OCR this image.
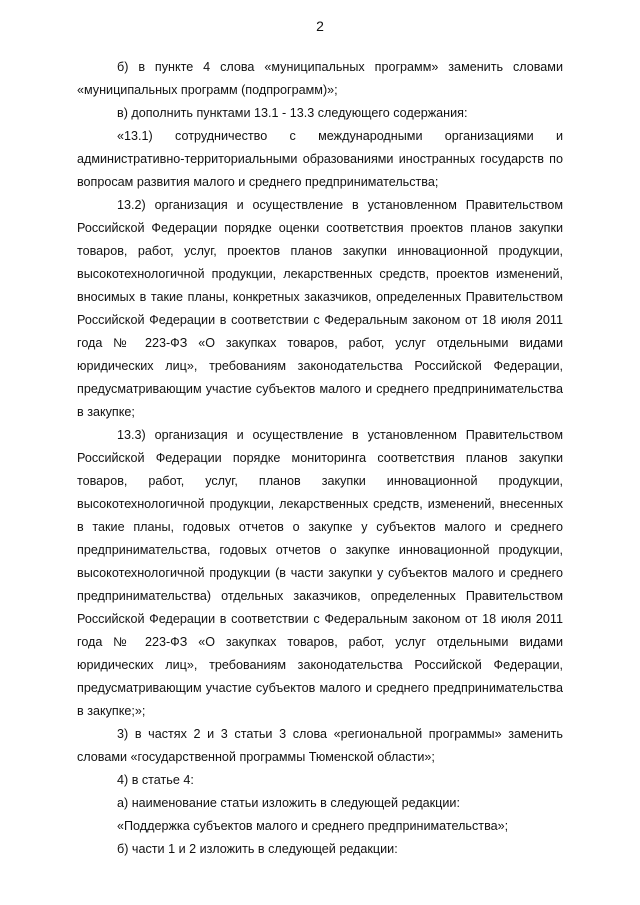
2

б) в пункте 4 слова «муниципальных программ» заменить словами «муниципальных программ (подпрограмм)»;

в) дополнить пунктами 13.1 - 13.3 следующего содержания:

«13.1) сотрудничество с международными организациями и административно-территориальными образованиями иностранных государств по вопросам развития малого и среднего предпринимательства;

13.2) организация и осуществление в установленном Правительством Российской Федерации порядке оценки соответствия проектов планов закупки товаров, работ, услуг, проектов планов закупки инновационной продукции, высокотехнологичной продукции, лекарственных средств, проектов изменений, вносимых в такие планы, конкретных заказчиков, определенных Правительством Российской Федерации в соответствии с Федеральным законом от 18 июля 2011 года № 223-ФЗ «О закупках товаров, работ, услуг отдельными видами юридических лиц», требованиям законодательства Российской Федерации, предусматривающим участие субъектов малого и среднего предпринимательства в закупке;

13.3) организация и осуществление в установленном Правительством Российской Федерации порядке мониторинга соответствия планов закупки товаров, работ, услуг, планов закупки инновационной продукции, высокотехнологичной продукции, лекарственных средств, изменений, внесенных в такие планы, годовых отчетов о закупке у субъектов малого и среднего предпринимательства, годовых отчетов о закупке инновационной продукции, высокотехнологичной продукции (в части закупки у субъектов малого и среднего предпринимательства) отдельных заказчиков, определенных Правительством Российской Федерации в соответствии с Федеральным законом от 18 июля 2011 года № 223-ФЗ «О закупках товаров, работ, услуг отдельными видами юридических лиц», требованиям законодательства Российской Федерации, предусматривающим участие субъектов малого и среднего предпринимательства в закупке;»;

3) в частях 2 и 3 статьи 3 слова «региональной программы» заменить словами «государственной программы Тюменской области»;

4) в статье 4:

а) наименование статьи изложить в следующей редакции:

«Поддержка субъектов малого и среднего предпринимательства»;

б) части 1 и 2 изложить в следующей редакции:
